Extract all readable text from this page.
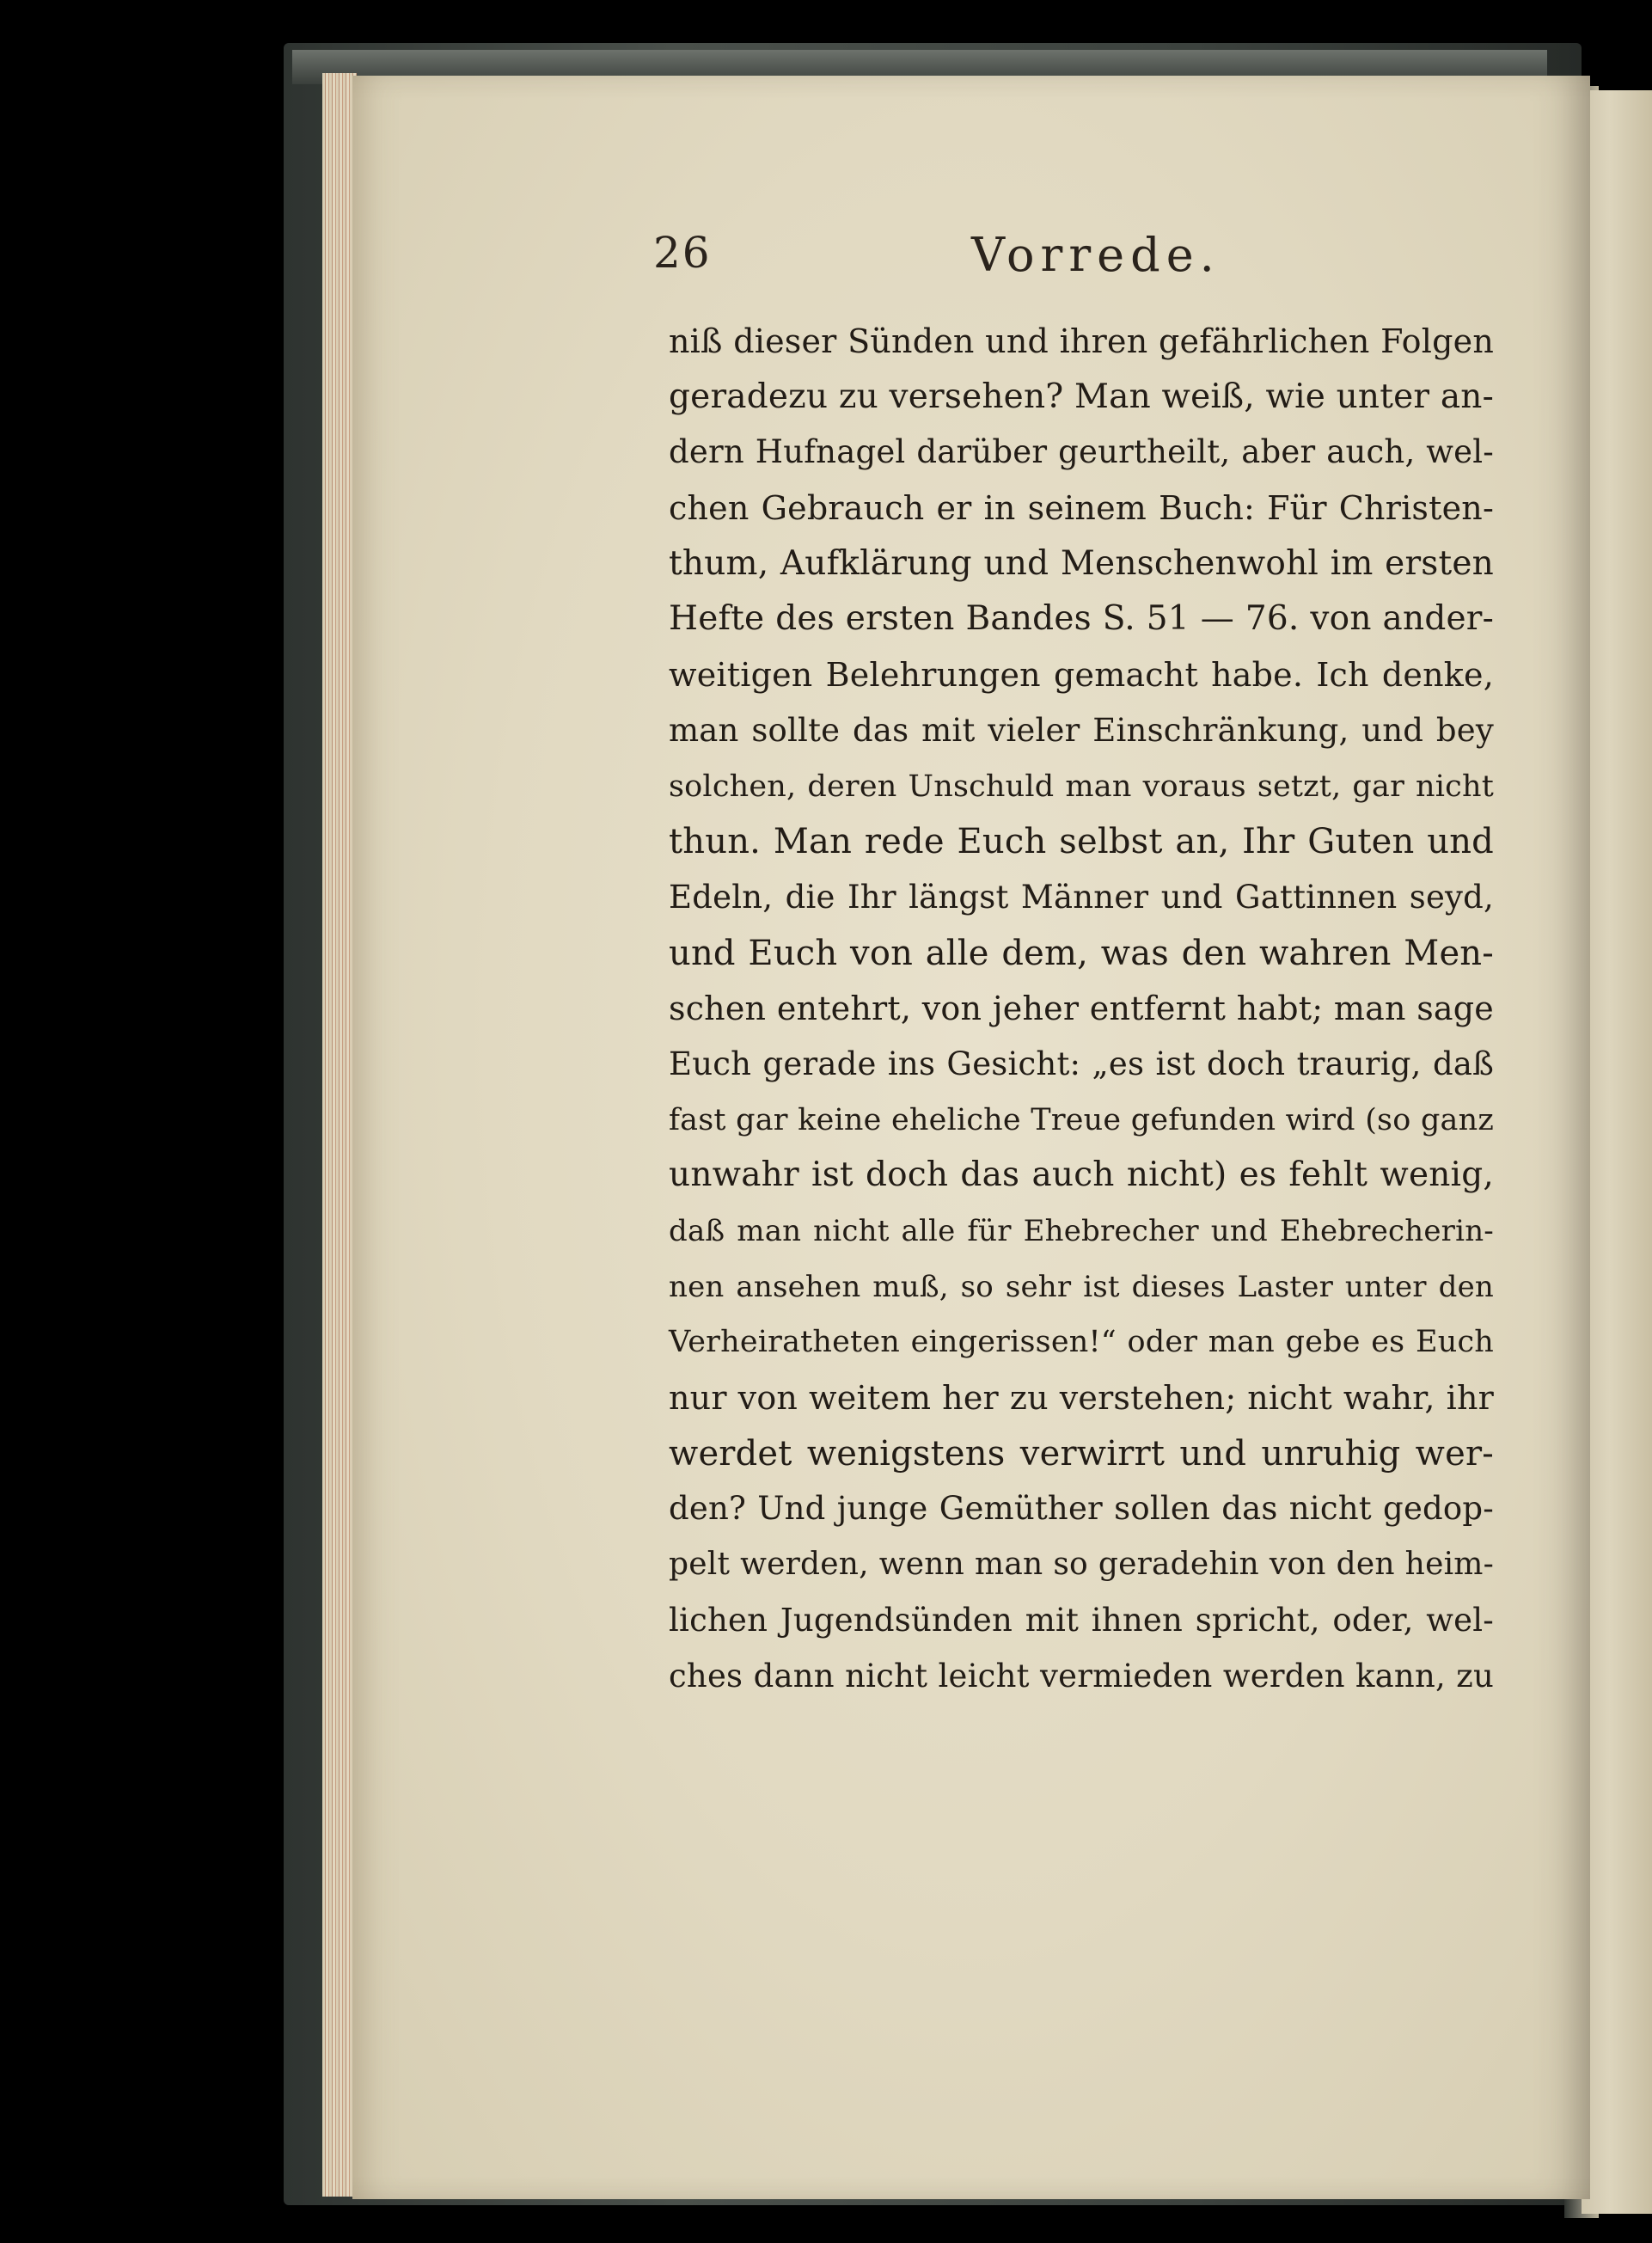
26	Vorrede.
niß dieser Sünden und ihren gefährlichen Folgen
geradezu zu versehen? Man weiß, wie unter an-
dern Hufnagel darüber geurtheilt, aber auch, wel-
chen Gebrauch er in seinem Buch: Für Christen-
thum, Aufklärung und Menschenwohl im ersten
Hefte des ersten Bandes S. 51 — 76. von ander-
weitigen Belehrungen gemacht habe. Ich denke,
man sollte das mit vieler Einschränkung, und bey
solchen, deren Unschuld man voraus setzt, gar nicht
thun. Man rede Euch selbst an, Ihr Guten und
Edeln, die Ihr längst Männer und Gattinnen seyd,
und Euch von alle dem, was den wahren Men-
schen entehrt, von jeher entfernt habt; man sage
Euch gerade ins Gesicht: „es ist doch traurig, daß
fast gar keine eheliche Treue gefunden wird (so ganz
unwahr ist doch das auch nicht) es fehlt wenig,
daß man nicht alle für Ehebrecher und Ehebrecherin-
nen ansehen muß, so sehr ist dieses Laster unter den
Verheiratheten eingerissen!“ oder man gebe es Euch
nur von weitem her zu verstehen; nicht wahr, ihr
werdet wenigstens verwirrt und unruhig wer-
den? Und junge Gemüther sollen das nicht gedop-
pelt werden, wenn man so geradehin von den heim-
lichen Jugendsünden mit ihnen spricht, oder, wel-
ches dann nicht leicht vermieden werden kann, zu
